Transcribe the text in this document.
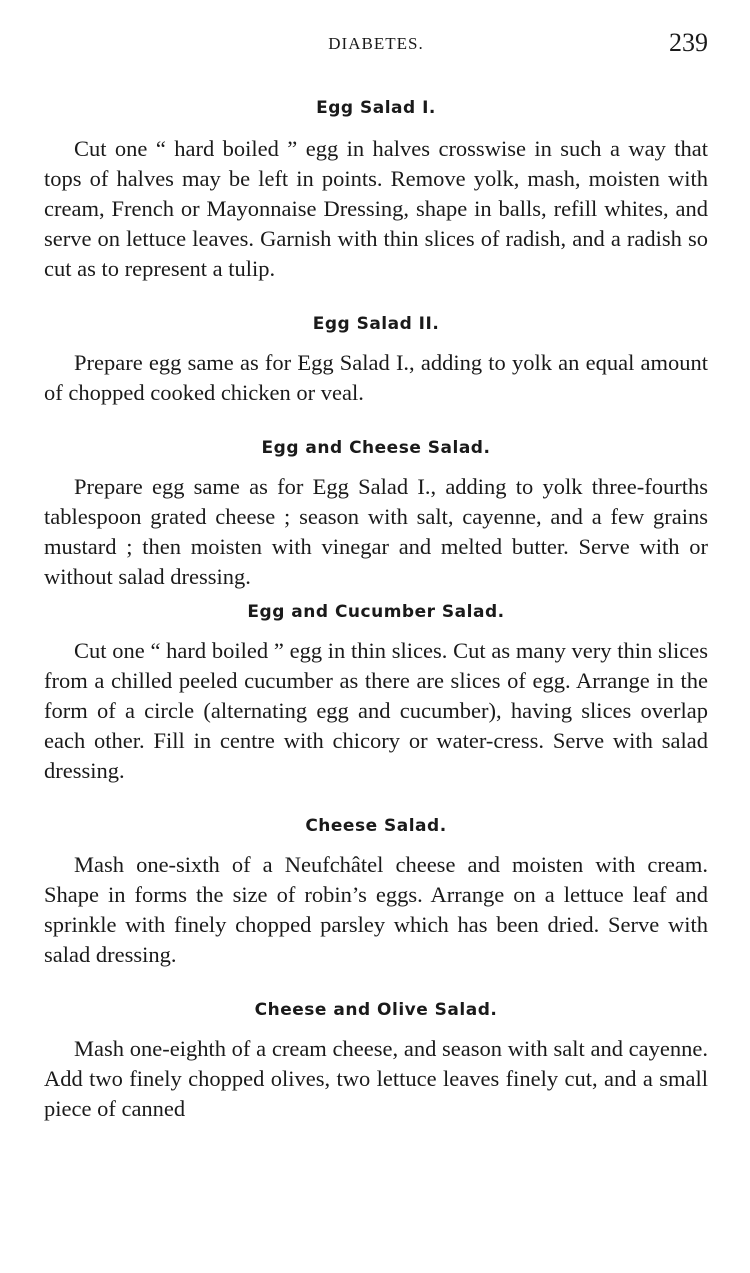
DIABETES.	239
Egg Salad I.

Cut one “ hard boiled ” egg in halves crosswise in such a way that tops of halves may be left in points. Remove yolk, mash, moisten with cream, French or Mayonnaise Dressing, shape in balls, refill whites, and serve on lettuce leaves. Garnish with thin slices of radish, and a radish so cut as to represent a tulip.

Egg Salad II.

Prepare egg same as for Egg Salad I., adding to yolk an equal amount of chopped cooked chicken or veal.

Egg and Cheese Salad.

Prepare egg same as for Egg Salad I., adding to yolk three-fourths tablespoon grated cheese ; season with salt, cayenne, and a few grains mustard ; then moisten with vinegar and melted butter. Serve with or without salad dressing.

Egg and Cucumber Salad.

Cut one “ hard boiled ” egg in thin slices. Cut as many very thin slices from a chilled peeled cucumber as there are slices of egg. Arrange in the form of a circle (alternating egg and cucumber), having slices overlap each other. Fill in centre with chicory or water-cress. Serve with salad dressing.

Cheese Salad.

Mash one-sixth of a Neufchâtel cheese and moisten with cream. Shape in forms the size of robin’s eggs. Arrange on a lettuce leaf and sprinkle with finely chopped parsley which has been dried. Serve with salad dressing.

Cheese and Olive Salad.

Mash one-eighth of a cream cheese, and season with salt and cayenne. Add two finely chopped olives, two lettuce leaves finely cut, and a small piece of canned
